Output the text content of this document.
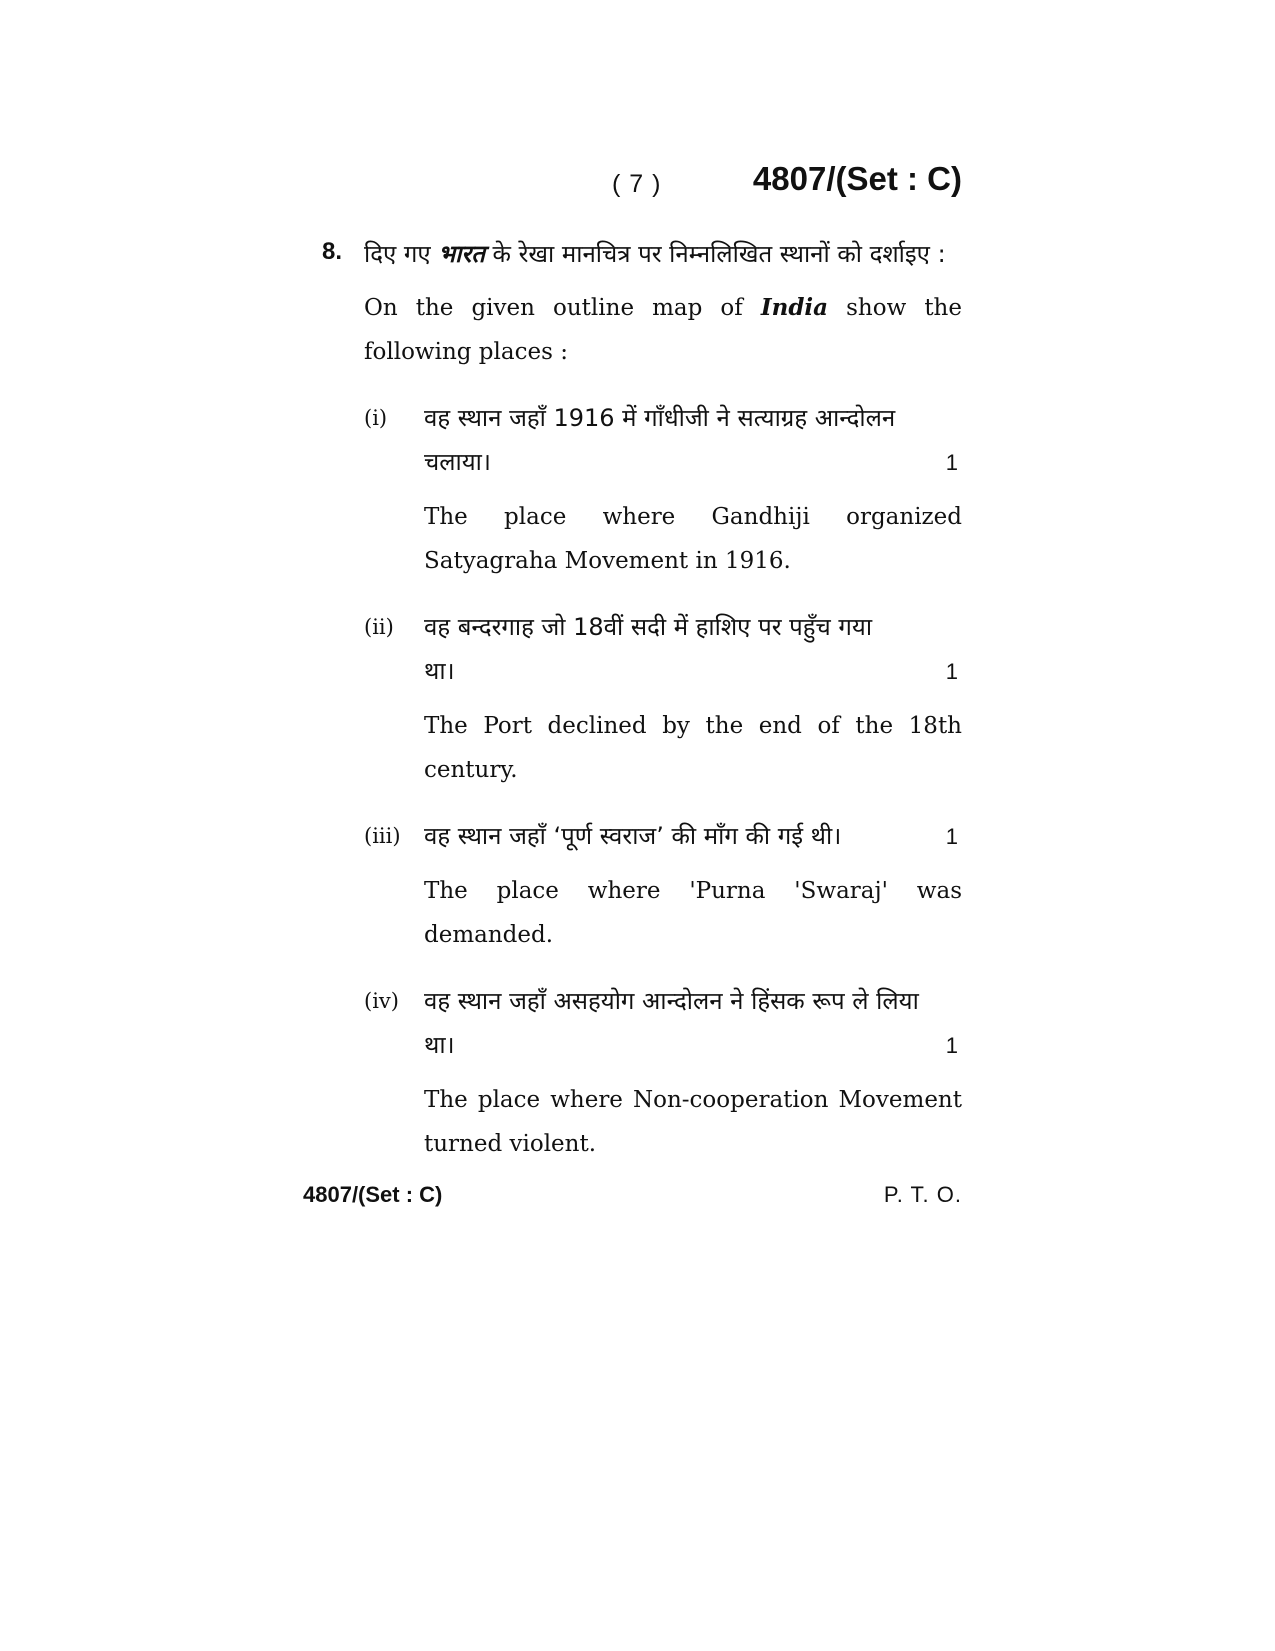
( 7 )	4807/(Set : C)
8. दिए गए भारत के रेखा मानचित्र पर निम्नलिखित स्थानों को दर्शाइए :

On the given outline map of India show the following places :

(i) वह स्थान जहाँ 1916 में गाँधीजी ने सत्याग्रह आन्दोलन

चलाया।	1

The place where Gandhiji organized Satyagraha Movement in 1916.

(ii) वह बन्दरगाह जो 18वीं सदी में हाशिए पर पहुँच गया

था।	1

The Port declined by the end of the 18th century.

(iii) वह स्थान जहाँ ‘पूर्ण स्वराज’ की माँग की गई थी।	1

The place where 'Purna 'Swaraj' was demanded.

(iv) वह स्थान जहाँ असहयोग आन्दोलन ने हिंसक रूप ले लिया

था।	1

The place where Non-cooperation Movement turned violent.

4807/(Set : C)	P. T. O.
